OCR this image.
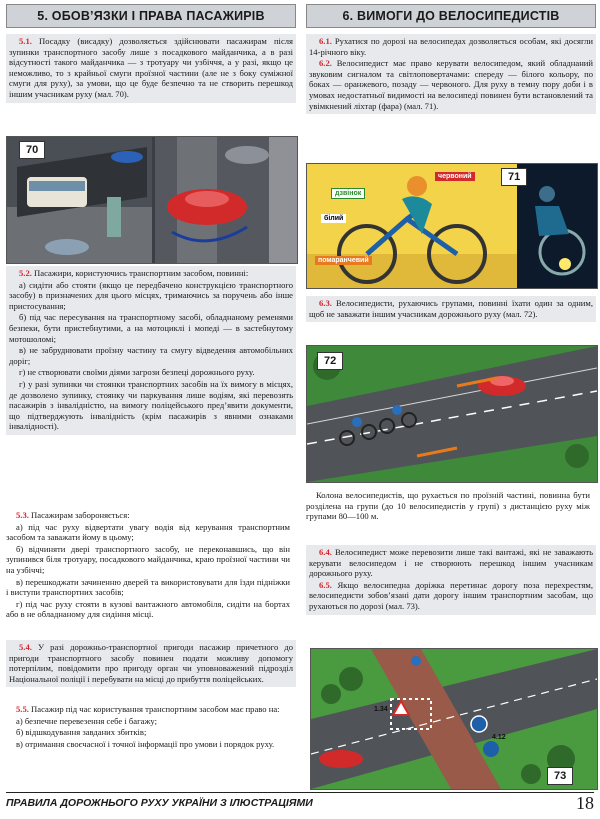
5. ОБОВ’ЯЗКИ І ПРАВА ПАСАЖИРІВ

5.1. Посадку (висадку) дозволяється здійснювати пасажирам після зупинки транспортного засобу лише з посадкового майданчика, а в разі відсутності такого майданчика — з тротуару чи узбіччя, а у разі, якщо це неможливо, то з крайньої смуги проїзної частини (але не з боку суміжної смуги для руху), за умови, що це буде безпечно та не створить перешкод іншим учасникам руху (мал. 70).

70

5.2. Пасажири, користуючись транспортним засобом, повинні:

а) сидіти або стояти (якщо це передбачено конструкцією транспортного засобу) в призначених для цього місцях, тримаючись за поручень або інше пристосування;

б) під час пересування на транспортному засобі, обладнаному ременями безпеки, бути пристебнутими, а на мотоциклі і мопеді — в застебнутому мотошоломі;

в) не забруднювати проїзну частину та смугу відведення автомобільних доріг;

г) не створювати своїми діями загрози безпеці дорожнього руху.

г) у разі зупинки чи стоянки транспортних засобів на їх вимогу в місцях, де дозволено зупинку, стоянку чи паркування лише водіям, які перевозять пасажирів з інвалідністю, на вимогу поліцейського пред’явити документи, що підтверджують інвалідність (крім пасажирів з явними ознаками інвалідності).

5.3. Пасажирам забороняється:

а) під час руху відвертати увагу водія від керування транспортним засобом та заважати йому в цьому;

б) відчиняти двері транспортного засобу, не переконавшись, що він зупинився біля тротуару, посадкового майданчика, краю проїзної частини чи на узбіччі;

в) перешкоджати зачиненню дверей та використовувати для їзди підніжки і виступи транспортних засобів;

г) під час руху стояти в кузові вантажного автомобіля, сидіти на бортах або в не обладнаному для сидіння місці.

5.4. У разі дорожньо-транспортної пригоди пасажир причетного до пригоди транспортного засобу повинен подати можливу допомогу потерпілим, повідомити про пригоду орган чи уповноважений підрозділ Національної поліції і перебувати на місці до прибуття поліцейських.

5.5. Пасажир під час користування транспортним засобом має право на:

а) безпечне перевезення себе і багажу;

б) відшкодування завданих збитків;

в) отримання своєчасної і точної інформації про умови і порядок руху.

6. ВИМОГИ ДО ВЕЛОСИПЕДИСТІВ

6.1. Рухатися по дорозі на велосипедах дозволяється особам, які досягли 14-річного віку.

6.2. Велосипедист має право керувати велосипедом, який обладнаний звуковим сигналом та світлоповертачами: спереду — білого кольору, по боках — оранжевого, позаду — червоного. Для руху в темну пору доби і в умовах недостатньої видимості на велосипеді повинен бути встановлений та увімкнений ліхтар (фара) (мал. 71).

червоний
дзвінок
білий
помаранчевий
71

6.3. Велосипедисти, рухаючись групами, повинні їхати один за одним, щоб не заважати іншим учасникам дорожнього руху (мал. 72).

72

Колона велосипедистів, що рухається по проїзній частині, повинна бути розділена на групи (до 10 велосипедистів у групі) з дистанцією руху між групами 80—100 м.

6.4. Велосипедист може перевозити лише такі вантажі, які не заважають керувати велосипедом і не створюють перешкод іншим учасникам дорожнього руху.

6.5. Якщо велосипедна доріжка перетинає дорогу поза перехрестям, велосипедисти зобов’язані дати дорогу іншим транспортним засобам, що рухаються по дорозі (мал. 73).

1.34
4.12
73
ПРАВИЛА ДОРОЖНЬОГО РУХУ УКРАЇНИ З ІЛЮСТРАЦІЯМИ	18
